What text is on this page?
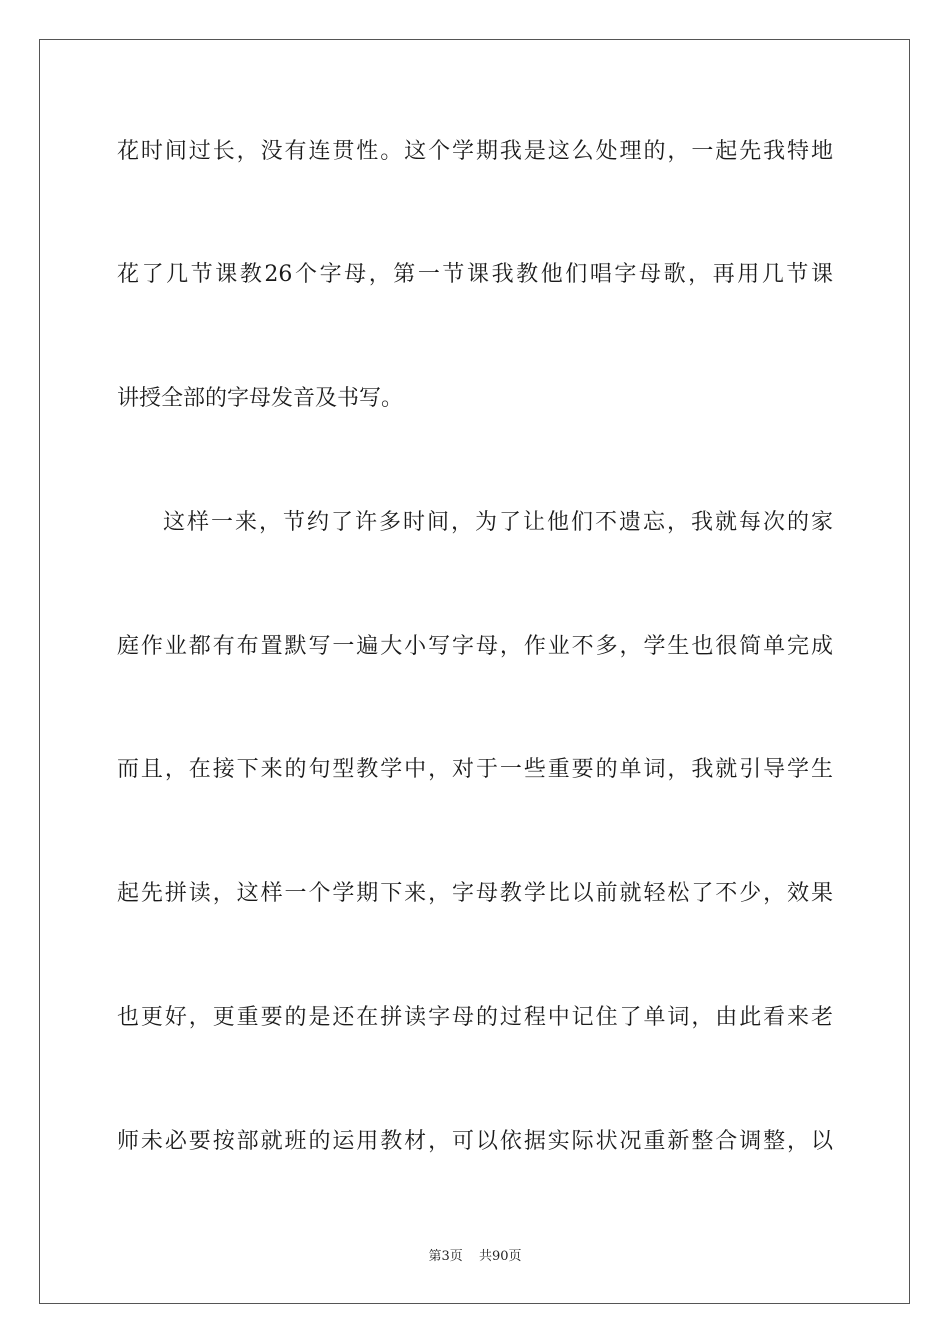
花时间过长，没有连贯性。这个学期我是这么处理的，一起先我特地
花了几节课教26个字母，第一节课我教他们唱字母歌，再用几节课
讲授全部的字母发音及书写。
这样一来，节约了许多时间，为了让他们不遗忘，我就每次的家
庭作业都有布置默写一遍大小写字母，作业不多，学生也很简单完成
而且，在接下来的句型教学中，对于一些重要的单词，我就引导学生
起先拼读，这样一个学期下来，字母教学比以前就轻松了不少，效果
也更好，更重要的是还在拼读字母的过程中记住了单词，由此看来老
师未必要按部就班的运用教材，可以依据实际状况重新整合调整，以
第3页 共90页
